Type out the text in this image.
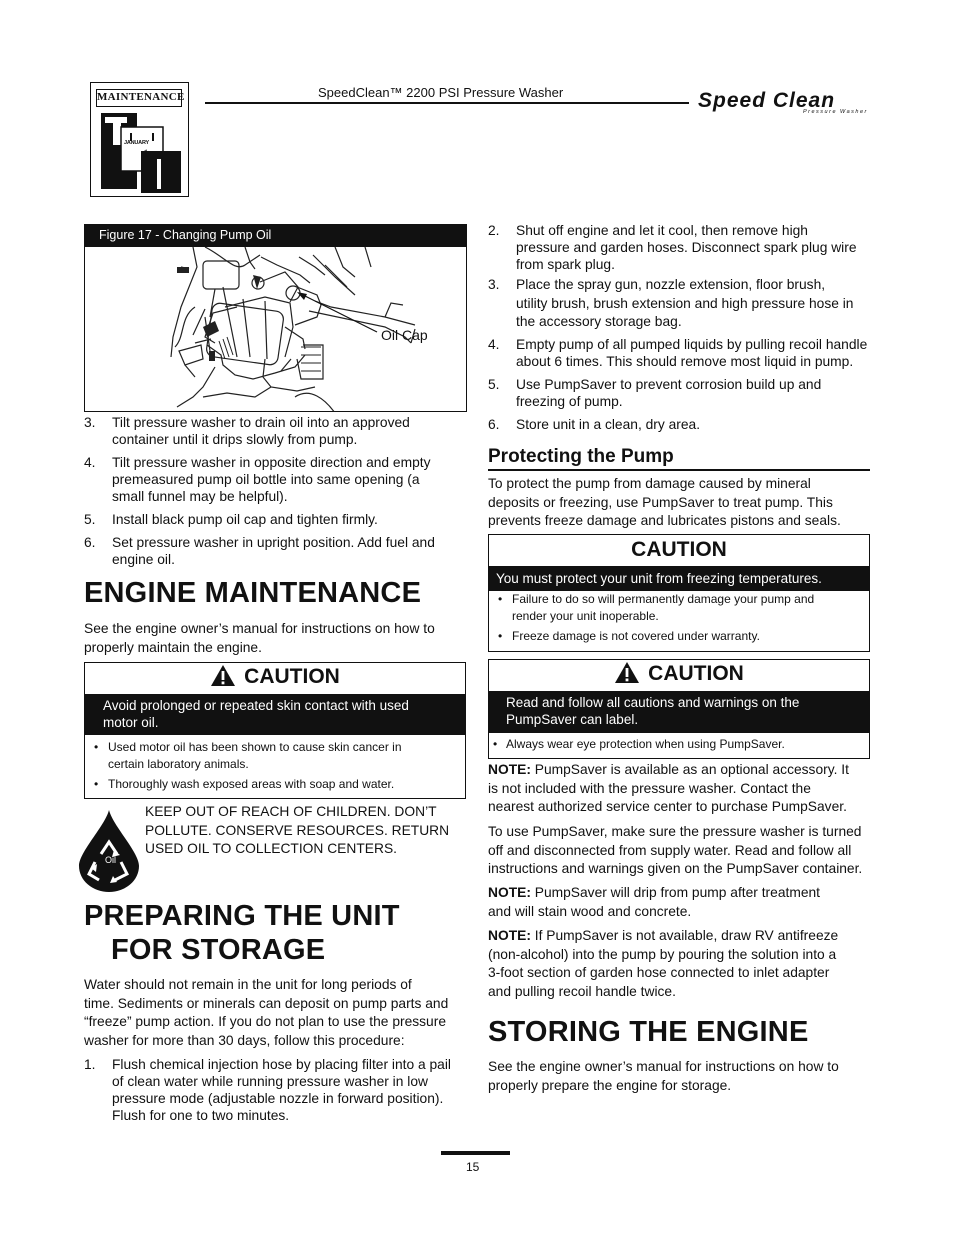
MAINTENANCE
JANUARY
1
SpeedClean™ 2200 PSI Pressure Washer	Speed Clean
Pressure Washer
Figure 17 - Changing Pump Oil
Oil Cap
3. Tilt pressure washer to drain oil into an approved
container until it drips slowly from pump.
4. Tilt pressure washer in opposite direction and empty
premeasured pump oil bottle into same opening (a
small funnel may be helpful).
5. Install black pump oil cap and tighten firmly.
6. Set pressure washer in upright position. Add fuel and
engine oil.
ENGINE MAINTENANCE
See the engine owner’s manual for instructions on how to
properly maintain the engine.
CAUTION
Avoid prolonged or repeated skin contact with used
motor oil.
• Used motor oil has been shown to cause skin cancer in
certain laboratory animals.
• Thoroughly wash exposed areas with soap and water.
Oil
KEEP OUT OF REACH OF CHILDREN. DON’T
POLLUTE. CONSERVE RESOURCES. RETURN
USED OIL TO COLLECTION CENTERS.
PREPARING THE UNIT
FOR STORAGE
Water should not remain in the unit for long periods of
time. Sediments or minerals can deposit on pump parts and
“freeze” pump action. If you do not plan to use the pressure
washer for more than 30 days, follow this procedure:
1. Flush chemical injection hose by placing filter into a pail
of clean water while running pressure washer in low
pressure mode (adjustable nozzle in forward position).
Flush for one to two minutes.
2. Shut off engine and let it cool, then remove high
pressure and garden hoses. Disconnect spark plug wire
from spark plug.
3. Place the spray gun, nozzle extension, floor brush,
utility brush, brush extension and high pressure hose in
the accessory storage bag.
4. Empty pump of all pumped liquids by pulling recoil handle
about 6 times. This should remove most liquid in pump.
5. Use PumpSaver to prevent corrosion build up and
freezing of pump.
6. Store unit in a clean, dry area.
Protecting the Pump
To protect the pump from damage caused by mineral
deposits or freezing, use PumpSaver to treat pump. This
prevents freeze damage and lubricates pistons and seals.
CAUTION
You must protect your unit from freezing temperatures.
• Failure to do so will permanently damage your pump and
render your unit inoperable.
• Freeze damage is not covered under warranty.
CAUTION
Read and follow all cautions and warnings on the
PumpSaver can label.
• Always wear eye protection when using PumpSaver.
NOTE: PumpSaver is available as an optional accessory. It
is not included with the pressure washer. Contact the
nearest authorized service center to purchase PumpSaver.
To use PumpSaver, make sure the pressure washer is turned
off and disconnected from supply water. Read and follow all
instructions and warnings given on the PumpSaver container.
NOTE: PumpSaver will drip from pump after treatment
and will stain wood and concrete.
NOTE: If PumpSaver is not available, draw RV antifreeze
(non-alcohol) into the pump by pouring the solution into a
3-foot section of garden hose connected to inlet adapter
and pulling recoil handle twice.
STORING THE ENGINE
See the engine owner’s manual for instructions on how to
properly prepare the engine for storage.
15
